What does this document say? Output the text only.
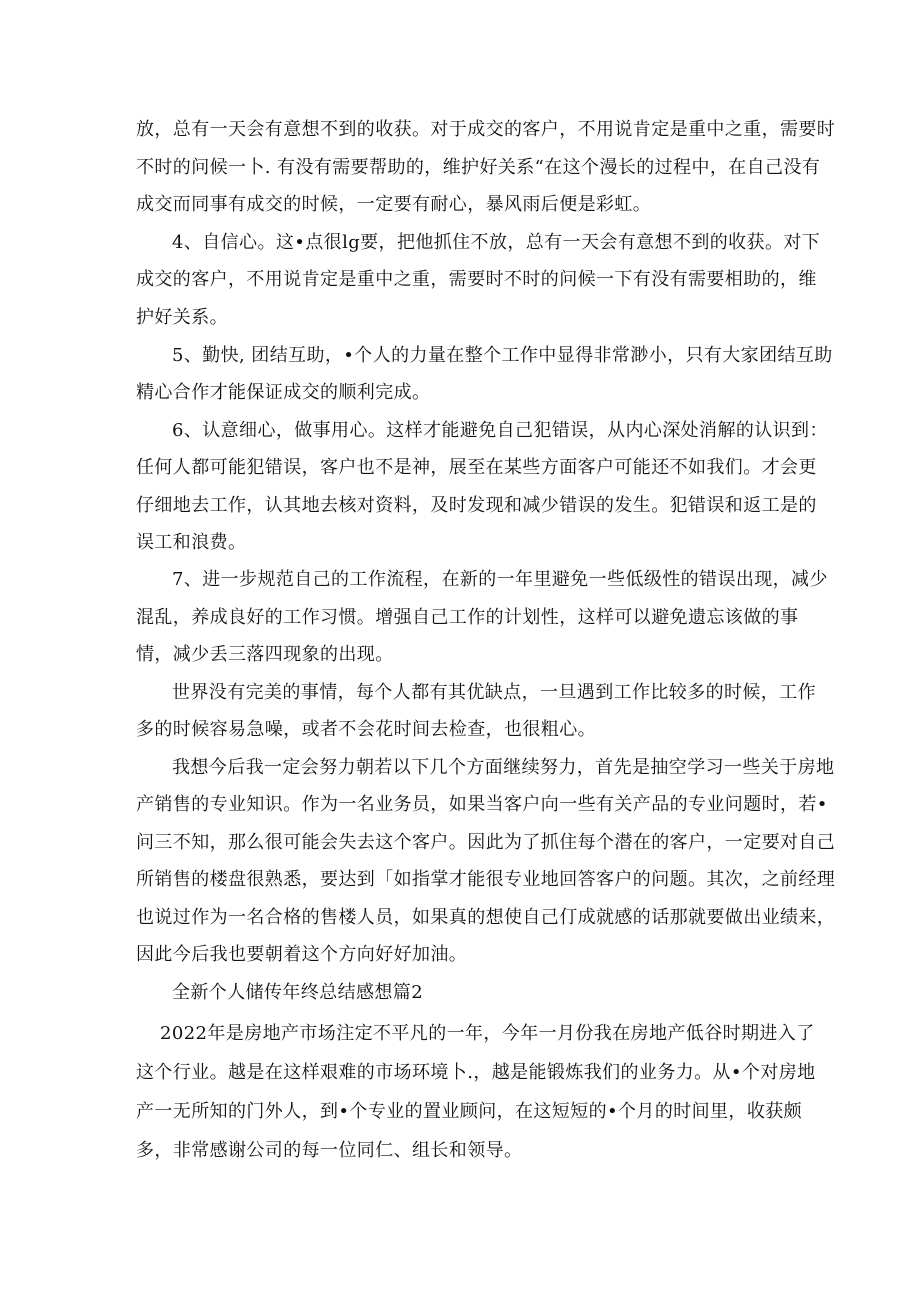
放，总有一天会有意想不到的收获。对于成交的客户，不用说肯定是重中之重，需要时

不时的问候一卜. 有没有需要帮助的，维护好关系“在这个漫长的过程中，在自己没有

成交而同事有成交的时候，一定要有耐心，暴风雨后便是彩虹。

4、自信心。这•点很lg要，把他抓住不放，总有一天会有意想不到的收获。对下

成交的客户，不用说肯定是重中之重，需要时不时的问候一下有没有需要相助的，维

护好关系。

5、勤快, 团结互助，•个人的力量在整个工作中显得非常渺小，只有大家团结互助

精心合作才能保证成交的顺利完成。

6、认意细心，做事用心。这样才能避免自己犯错误，从内心深处消解的认识到：

任何人都可能犯错误，客户也不是神，展至在某些方面客户可能还不如我们。才会更

仔细地去工作，认其地去核对资料，及时发现和减少错误的发生。犯错误和返工是的

误工和浪费。

7、进一步规范自己的工作流程，在新的一年里避免一些低级性的错误出现，减少

混乱，养成良好的工作习惯。增强自己工作的计划性，这样可以避免遗忘该做的事

情，减少丢三落四现象的出现。

世界没有完美的事情，每个人都有其优缺点，一旦遇到工作比较多的时候，工作

多的时候容易急噪，或者不会花时间去检查，也很粗心。

我想今后我一定会努力朝若以下几个方面继续努力，首先是抽空学习一些关于房地

产销售的专业知识。作为一名业务员，如果当客户向一些有关产品的专业问题时，若•

问三不知，那么很可能会失去这个客户。因此为了抓住每个潜在的客户，一定要对自己

所销售的楼盘很熟悉，要达到「如指掌才能很专业地回答客户的问题。其次，之前经理

也说过作为一名合格的售楼人员，如果真的想使自己仃成就感的话那就要做出业绩来，

因此今后我也要朝着这个方向好好加油。

全新个人储传年终总结感想篇2

2022年是房地产市场注定不平凡的一年，今年一月份我在房地产低谷时期进入了

这个行业。越是在这样艰难的市场环境卜.，越是能锻炼我们的业务力。从•个对房地

产一无所知的门外人，到•个专业的置业顾问，在这短短的•个月的时间里，收获颇

多，非常感谢公司的每一位同仁、组长和领导。
